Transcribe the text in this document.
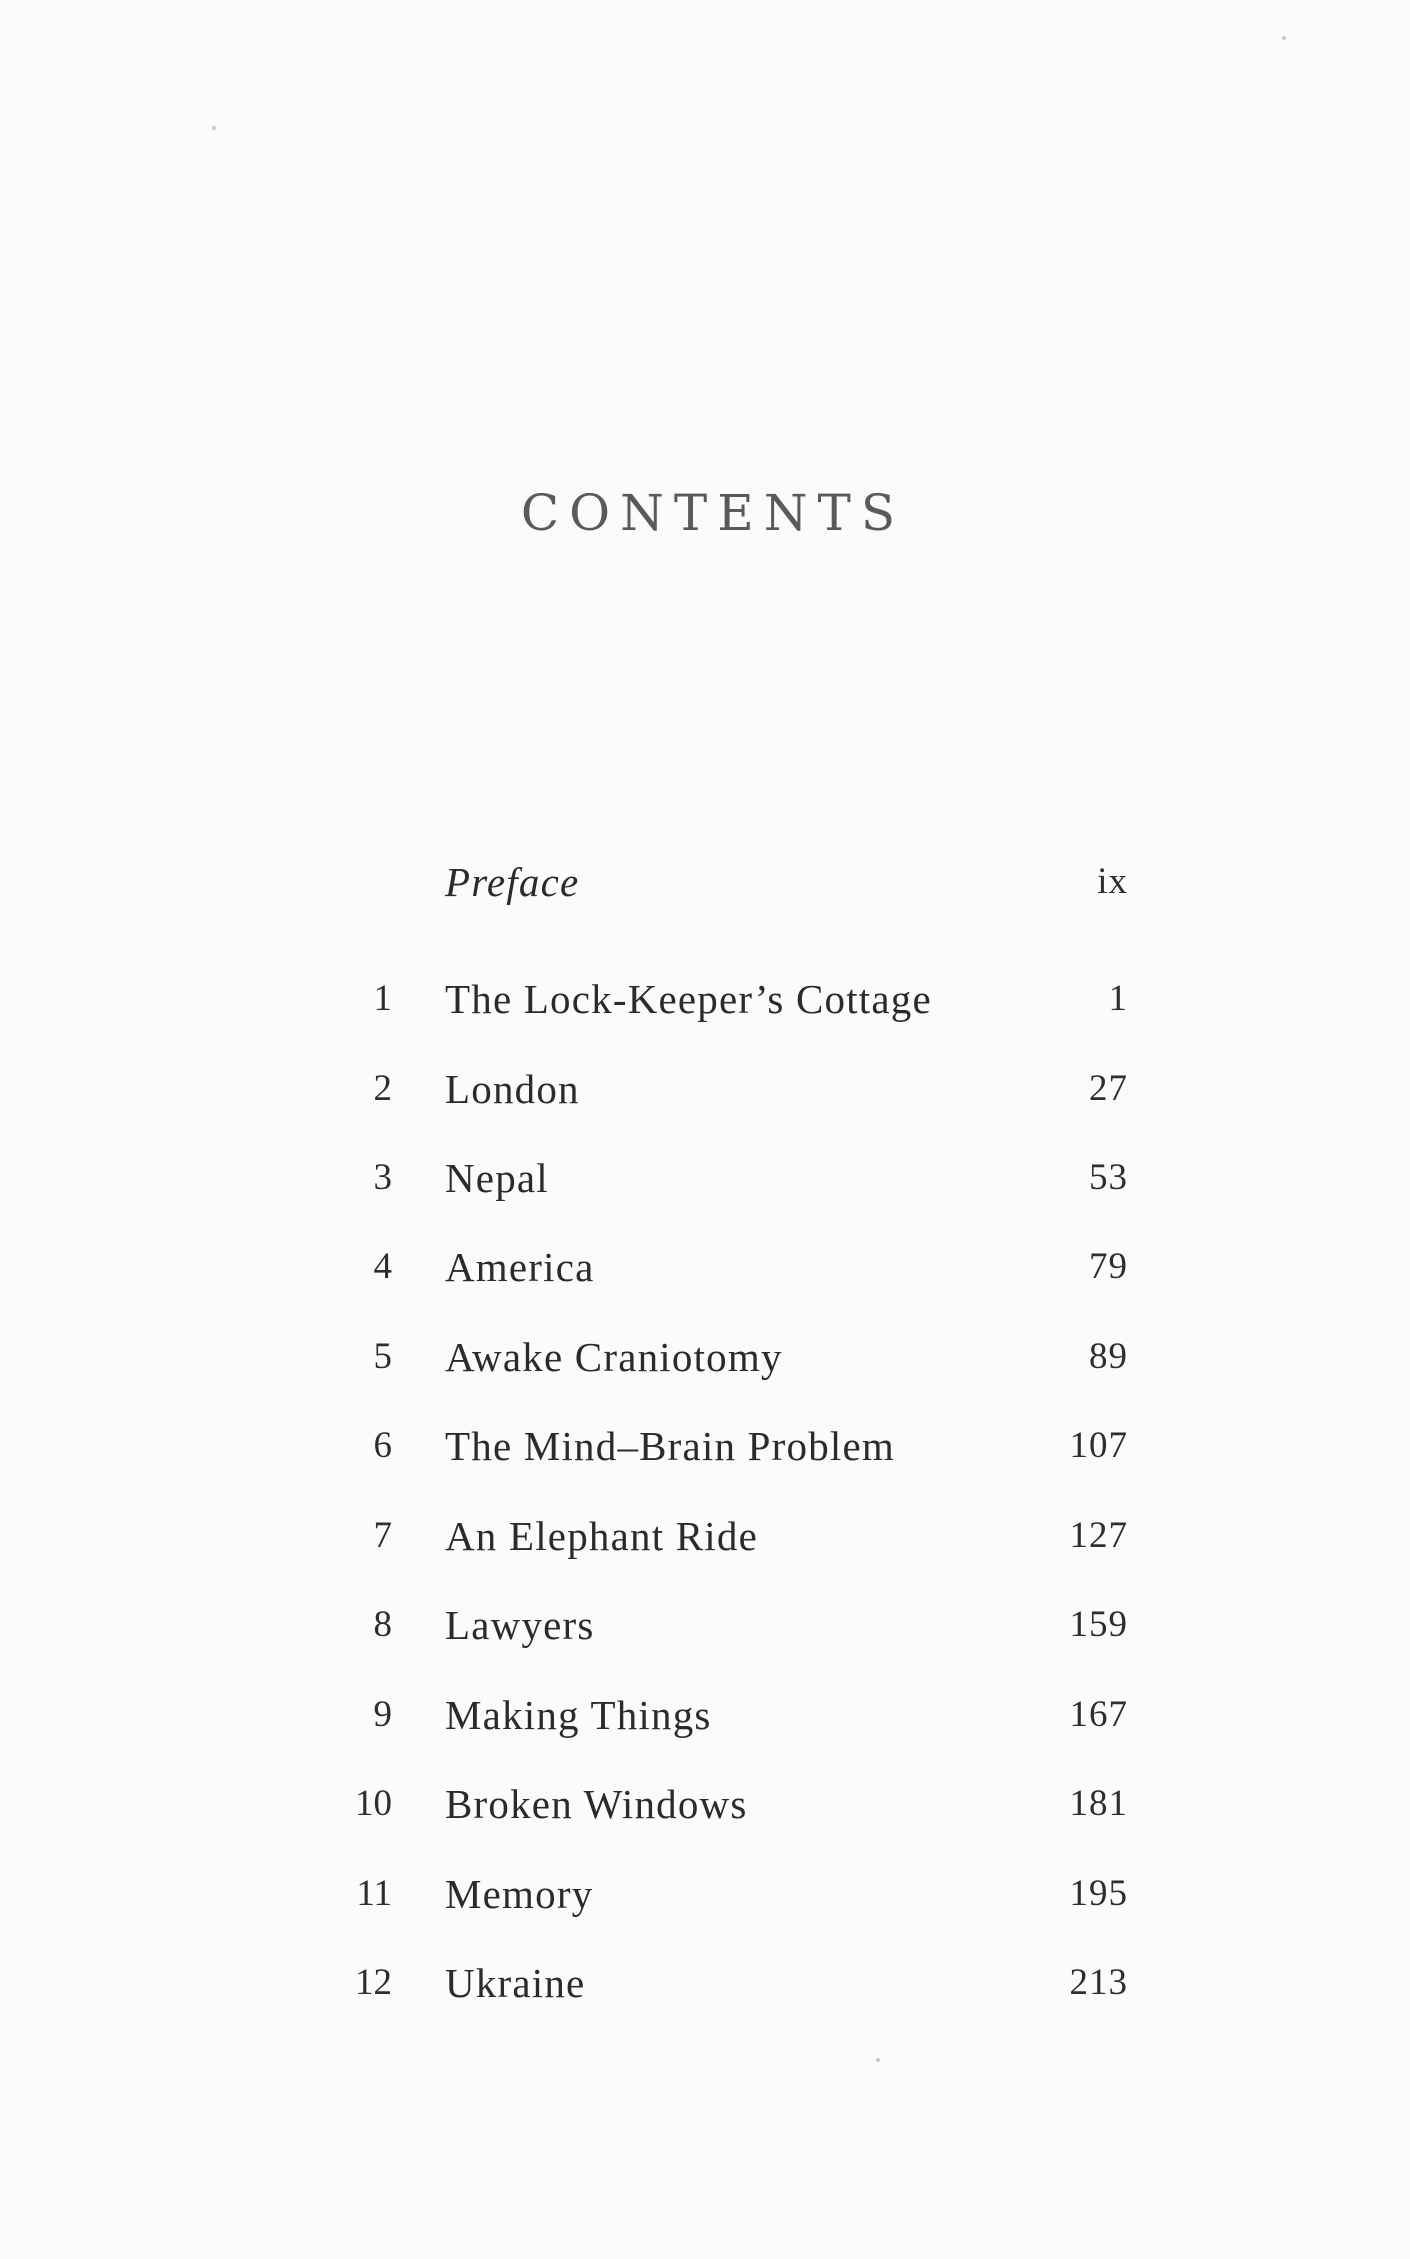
CONTENTS
Preface	ix
1 The Lock-Keeper’s Cottage	1
2 London	27
3 Nepal	53
4 America	79
5 Awake Craniotomy	89
6 The Mind–Brain Problem	107
7 An Elephant Ride	127
8 Lawyers	159
9 Making Things	167
10 Broken Windows	181
11 Memory	195
12 Ukraine	213
